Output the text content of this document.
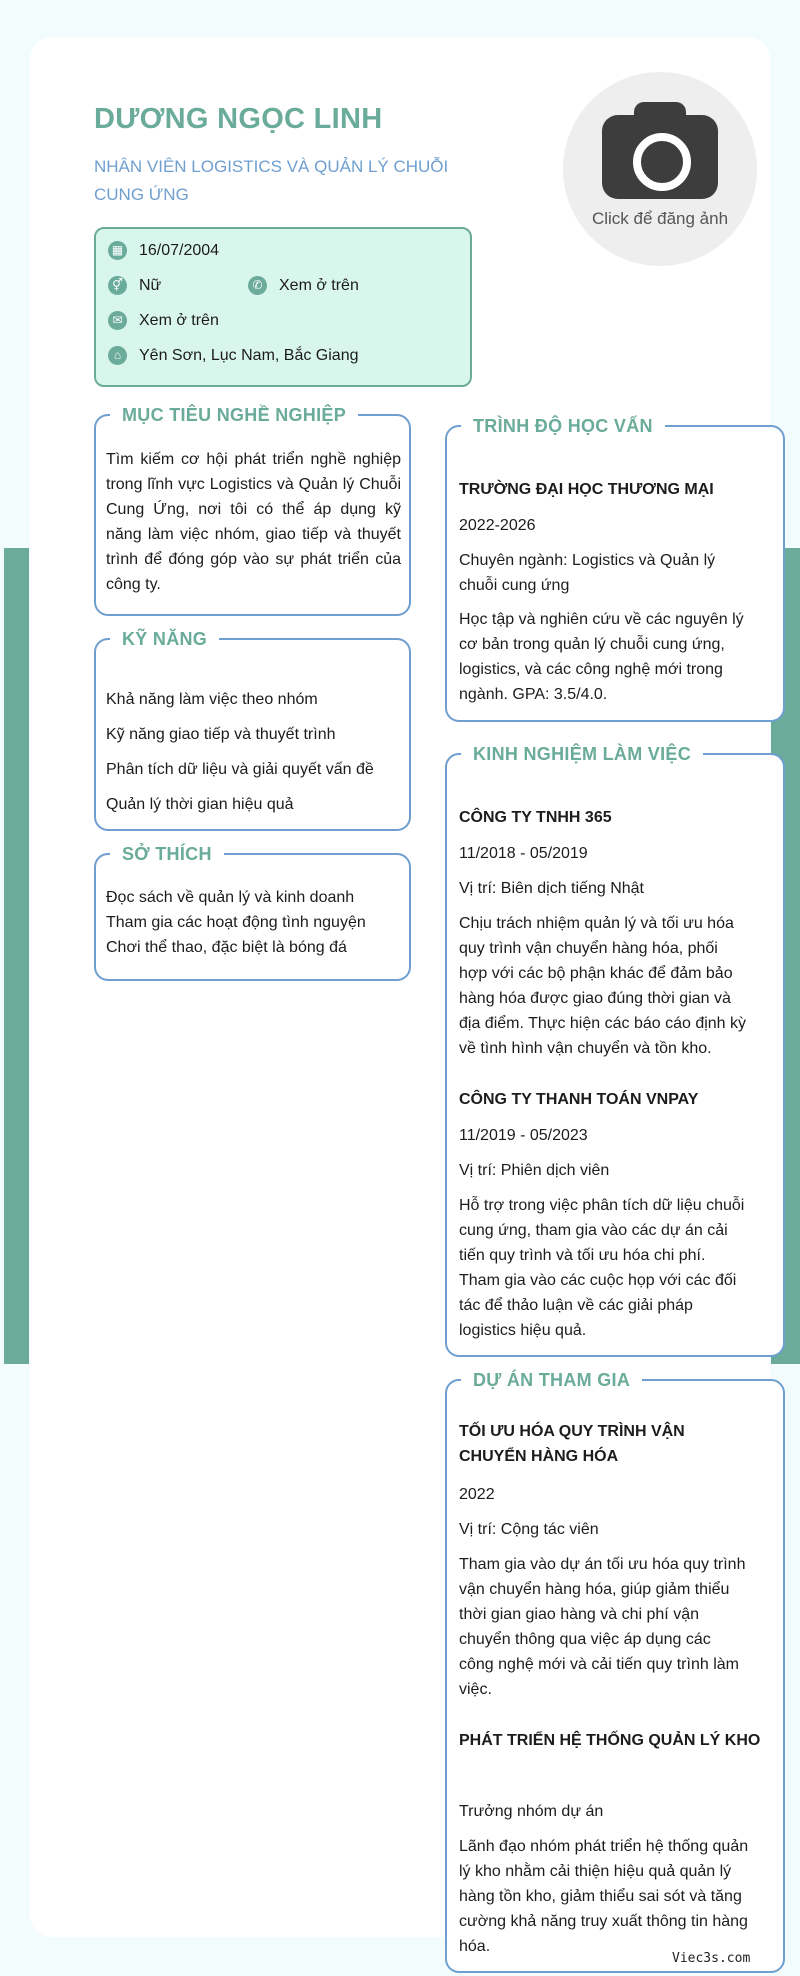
DƯƠNG NGỌC LINH
NHÂN VIÊN LOGISTICS VÀ QUẢN LÝ CHUỖI CUNG ỨNG
Click để đăng ảnh
▦ 16/07/2004
⚥ Nữ	✆ Xem ở trên
✉ Xem ở trên
⌂	Yên Sơn, Lục Nam, Bắc Giang
MỤC TIÊU NGHỀ NGHIỆP
Tìm kiếm cơ hội phát triển nghề nghiệp trong lĩnh vực Logistics và Quản lý Chuỗi Cung Ứng, nơi tôi có thể áp dụng kỹ năng làm việc nhóm, giao tiếp và thuyết trình để đóng góp vào sự phát triển của công ty.
KỸ NĂNG
Khả năng làm việc theo nhóm
Kỹ năng giao tiếp và thuyết trình
Phân tích dữ liệu và giải quyết vấn đề
Quản lý thời gian hiệu quả
SỞ THÍCH
Đọc sách về quản lý và kinh doanh
Tham gia các hoạt động tình nguyện
Chơi thể thao, đặc biệt là bóng đá
TRÌNH ĐỘ HỌC VẤN
TRƯỜNG ĐẠI HỌC THƯƠNG MẠI
2022-2026
Chuyên ngành: Logistics và Quản lý chuỗi cung ứng
Học tập và nghiên cứu về các nguyên lý cơ bản trong quản lý chuỗi cung ứng, logistics, và các công nghệ mới trong ngành. GPA: 3.5/4.0.
KINH NGHIỆM LÀM VIỆC
CÔNG TY TNHH 365
11/2018 - 05/2019
Vị trí: Biên dịch tiếng Nhật
Chịu trách nhiệm quản lý và tối ưu hóa quy trình vận chuyển hàng hóa, phối hợp với các bộ phận khác để đảm bảo hàng hóa được giao đúng thời gian và địa điểm. Thực hiện các báo cáo định kỳ về tình hình vận chuyển và tồn kho.
CÔNG TY THANH TOÁN VNPAY
11/2019 - 05/2023
Vị trí: Phiên dịch viên
Hỗ trợ trong việc phân tích dữ liệu chuỗi cung ứng, tham gia vào các dự án cải tiến quy trình và tối ưu hóa chi phí. Tham gia vào các cuộc họp với các đối tác để thảo luận về các giải pháp logistics hiệu quả.
DỰ ÁN THAM GIA
TỐI ƯU HÓA QUY TRÌNH VẬN CHUYỂN HÀNG HÓA
2022
Vị trí: Cộng tác viên
Tham gia vào dự án tối ưu hóa quy trình vận chuyển hàng hóa, giúp giảm thiểu thời gian giao hàng và chi phí vận chuyển thông qua việc áp dụng các công nghệ mới và cải tiến quy trình làm việc.
PHÁT TRIỂN HỆ THỐNG QUẢN LÝ KHO
Trưởng nhóm dự án
Lãnh đạo nhóm phát triển hệ thống quản lý kho nhằm cải thiện hiệu quả quản lý hàng tồn kho, giảm thiểu sai sót và tăng cường khả năng truy xuất thông tin hàng hóa.
Viec3s.com
